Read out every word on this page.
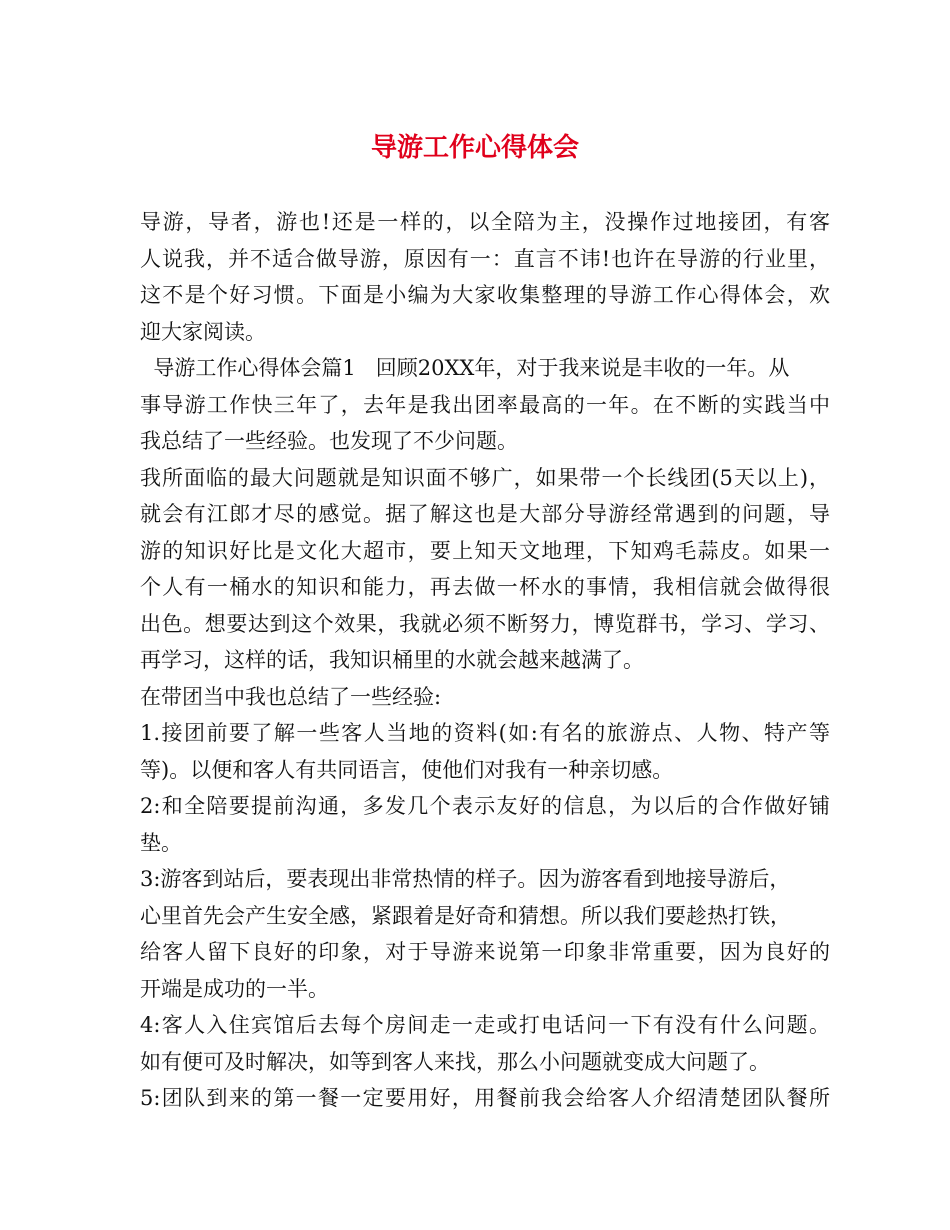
导游工作心得体会
导游，导者，游也!还是一样的，以全陪为主，没操作过地接团，有客
人说我，并不适合做导游，原因有一：直言不讳!也许在导游的行业里，
这不是个好习惯。下面是小编为大家收集整理的导游工作心得体会，欢
迎大家阅读。
导游工作心得体会篇1   回顾20XX年，对于我来说是丰收的一年。从
事导游工作快三年了，去年是我出团率最高的一年。在不断的实践当中
我总结了一些经验。也发现了不少问题。
我所面临的最大问题就是知识面不够广，如果带一个长线团(5天以上)，
就会有江郎才尽的感觉。据了解这也是大部分导游经常遇到的问题，导
游的知识好比是文化大超市，要上知天文地理，下知鸡毛蒜皮。如果一
个人有一桶水的知识和能力，再去做一杯水的事情，我相信就会做得很
出色。想要达到这个效果，我就必须不断努力，博览群书，学习、学习、
再学习，这样的话，我知识桶里的水就会越来越满了。
在带团当中我也总结了一些经验:
1.接团前要了解一些客人当地的资料(如:有名的旅游点、人物、特产等
等)。以便和客人有共同语言，使他们对我有一种亲切感。
2:和全陪要提前沟通，多发几个表示友好的信息，为以后的合作做好铺
垫。
3:游客到站后，要表现出非常热情的样子。因为游客看到地接导游后，
心里首先会产生安全感，紧跟着是好奇和猜想。所以我们要趁热打铁，
给客人留下良好的印象，对于导游来说第一印象非常重要，因为良好的
开端是成功的一半。
4:客人入住宾馆后去每个房间走一走或打电话问一下有没有什么问题。
如有便可及时解决，如等到客人来找，那么小问题就变成大问题了。
5:团队到来的第一餐一定要用好，用餐前我会给客人介绍清楚团队餐所
